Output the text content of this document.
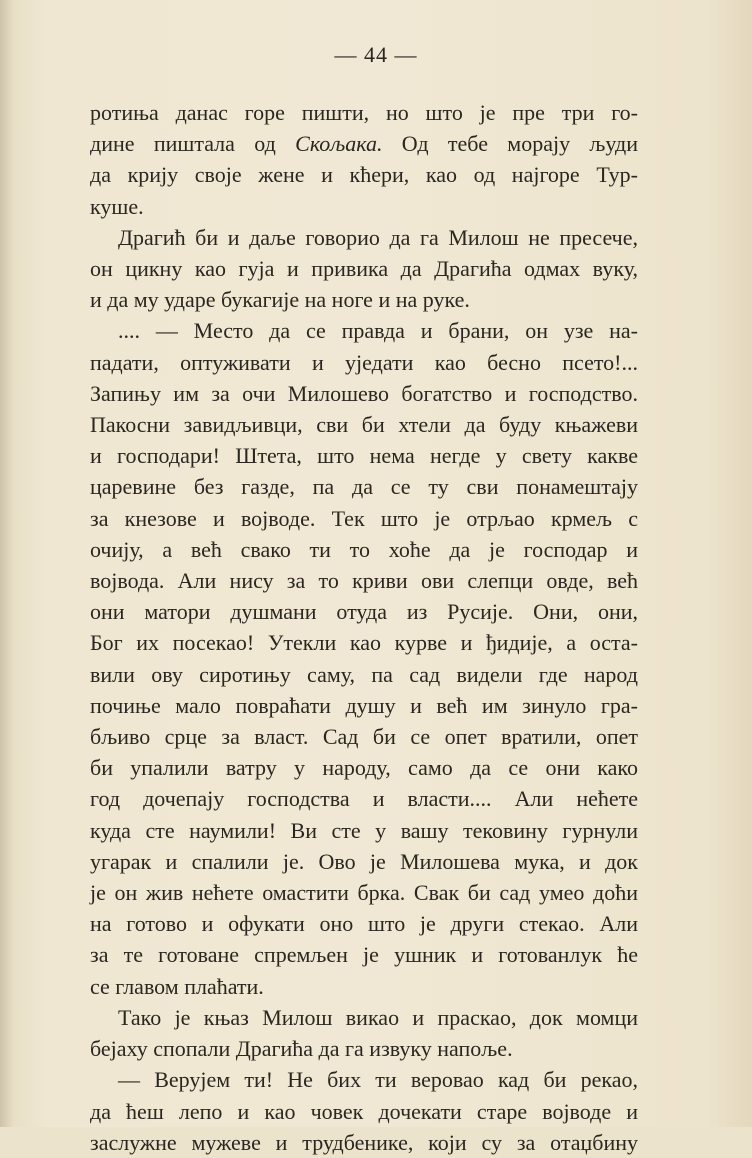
— 44 —
ротиња данас горе пишти, но што је пре три го-
дине пиштала од Скољака. Од тебе мораjу људи
да криjу своjе жене и кћери, као од најгоре Тур-
куше.
Драгић би и даље говорио да га Милош не пресече,
он цикну као гуја и привика да Драгића одмах вуку,
и да му ударе букагије на ноге и на руке.
.... — Место да се правда и брани, он узе на-
падати, оптуживати и уједати као бесно псето!...
Запињу им за очи Милошево богатство и господство.
Пакосни завидљивци, сви би хтели да буду књажеви
и господари! Штета, што нема негде у свету какве
царевине без газде, па да се ту сви понамештају
за кнезове и војводе. Тек што је отрљао крмељ с
очију, а већ свако ти то хоће да је господар и
војвода. Али нису за то криви ови слепци овде, већ
они матори душмани отуда из Русије. Они, они,
Бог их посекао! Утекли као курве и ђидије, а оста-
вили ову сиротињу саму, па сад видели где народ
почиње мало повраћати душу и већ им зинуло гра-
бљиво срце за власт. Сад би се опет вратили, опет
би упалили ватру у народу, само да се они како
год дочепају господства и власти.... Али нећете
куда сте наумили! Ви сте у вашу тековину гурнули
угарак и спалили је. Ово је Милошева мука, и док
је он жив нећете омастити брка. Свак би сад умео доћи
на готово и офукати оно што је други стекао. Али
за те готоване спремљен је ушник и готованлук ће
се главом плаћати.
Тако је књаз Милош викао и праскао, док момци
бејаху спопали Драгића да га извуку напоље.
— Верујем ти! Не бих ти веровао кад би рекао,
да ћеш лепо и као човек дочекати старе војводе и
заслужне мужеве и трудбенике, који су за отаџбину
